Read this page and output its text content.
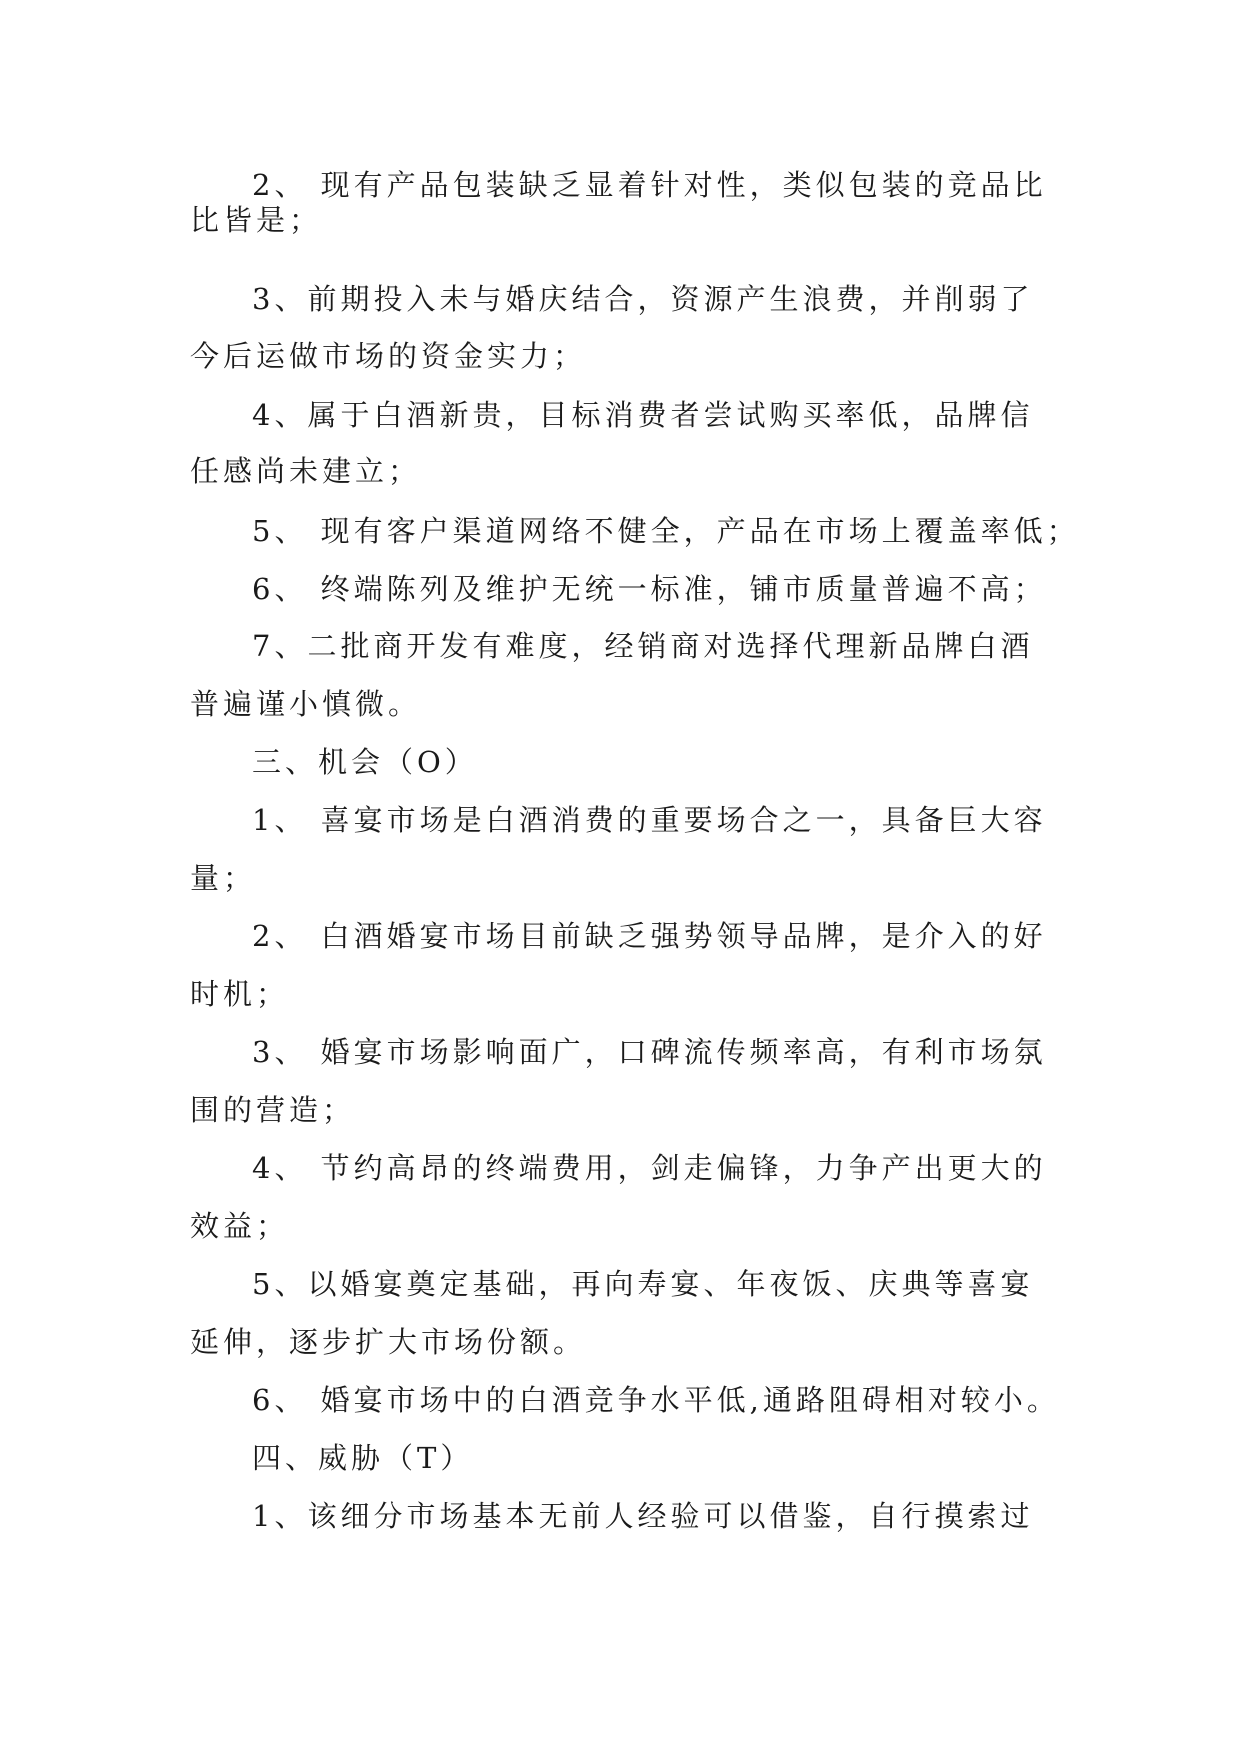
2、 现有产品包装缺乏显着针对性，类似包装的竞品比
比皆是；
3、前期投入未与婚庆结合，资源产生浪费，并削弱了
今后运做市场的资金实力；
4、属于白酒新贵，目标消费者尝试购买率低，品牌信
任感尚未建立；
5、 现有客户渠道网络不健全，产品在市场上覆盖率低；
6、 终端陈列及维护无统一标准，铺市质量普遍不高；
7、二批商开发有难度，经销商对选择代理新品牌白酒
普遍谨小慎微。
三、机会（O）
1、 喜宴市场是白酒消费的重要场合之一，具备巨大容
量；
2、 白酒婚宴市场目前缺乏强势领导品牌，是介入的好
时机；
3、 婚宴市场影响面广，口碑流传频率高，有利市场氛
围的营造；
4、 节约高昂的终端费用，剑走偏锋，力争产出更大的
效益；
5、以婚宴奠定基础，再向寿宴、年夜饭、庆典等喜宴
延伸，逐步扩大市场份额。
6、 婚宴市场中的白酒竞争水平低,通路阻碍相对较小。
四、威胁（T）
1、该细分市场基本无前人经验可以借鉴，自行摸索过
